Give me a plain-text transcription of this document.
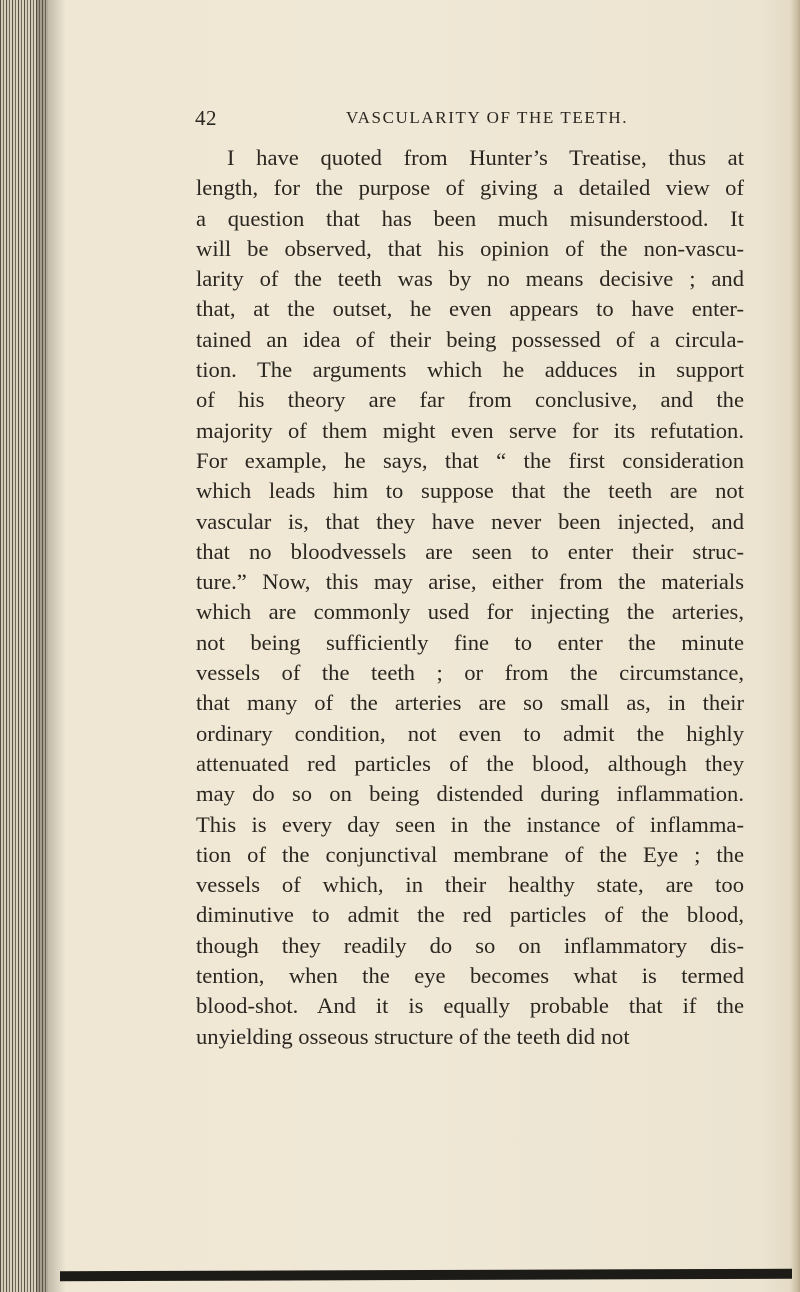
42	VASCULARITY OF THE TEETH.
I have quoted from Hunter’s Treatise, thus at
length, for the purpose of giving a detailed view of
a question that has been much misunderstood. It
will be observed, that his opinion of the non-vascu-
larity of the teeth was by no means decisive ; and
that, at the outset, he even appears to have enter-
tained an idea of their being possessed of a circula-
tion. The arguments which he adduces in support
of his theory are far from conclusive, and the
majority of them might even serve for its refutation.
For example, he says, that “ the first consideration
which leads him to suppose that the teeth are not
vascular is, that they have never been injected, and
that no bloodvessels are seen to enter their struc-
ture.” Now, this may arise, either from the materials
which are commonly used for injecting the arteries,
not being sufficiently fine to enter the minute
vessels of the teeth ; or from the circumstance,
that many of the arteries are so small as, in their
ordinary condition, not even to admit the highly
attenuated red particles of the blood, although they
may do so on being distended during inflammation.
This is every day seen in the instance of inflamma-
tion of the conjunctival membrane of the Eye ; the
vessels of which, in their healthy state, are too
diminutive to admit the red particles of the blood,
though they readily do so on inflammatory dis-
tention, when the eye becomes what is termed
blood-shot. And it is equally probable that if the
unyielding osseous structure of the teeth did not
